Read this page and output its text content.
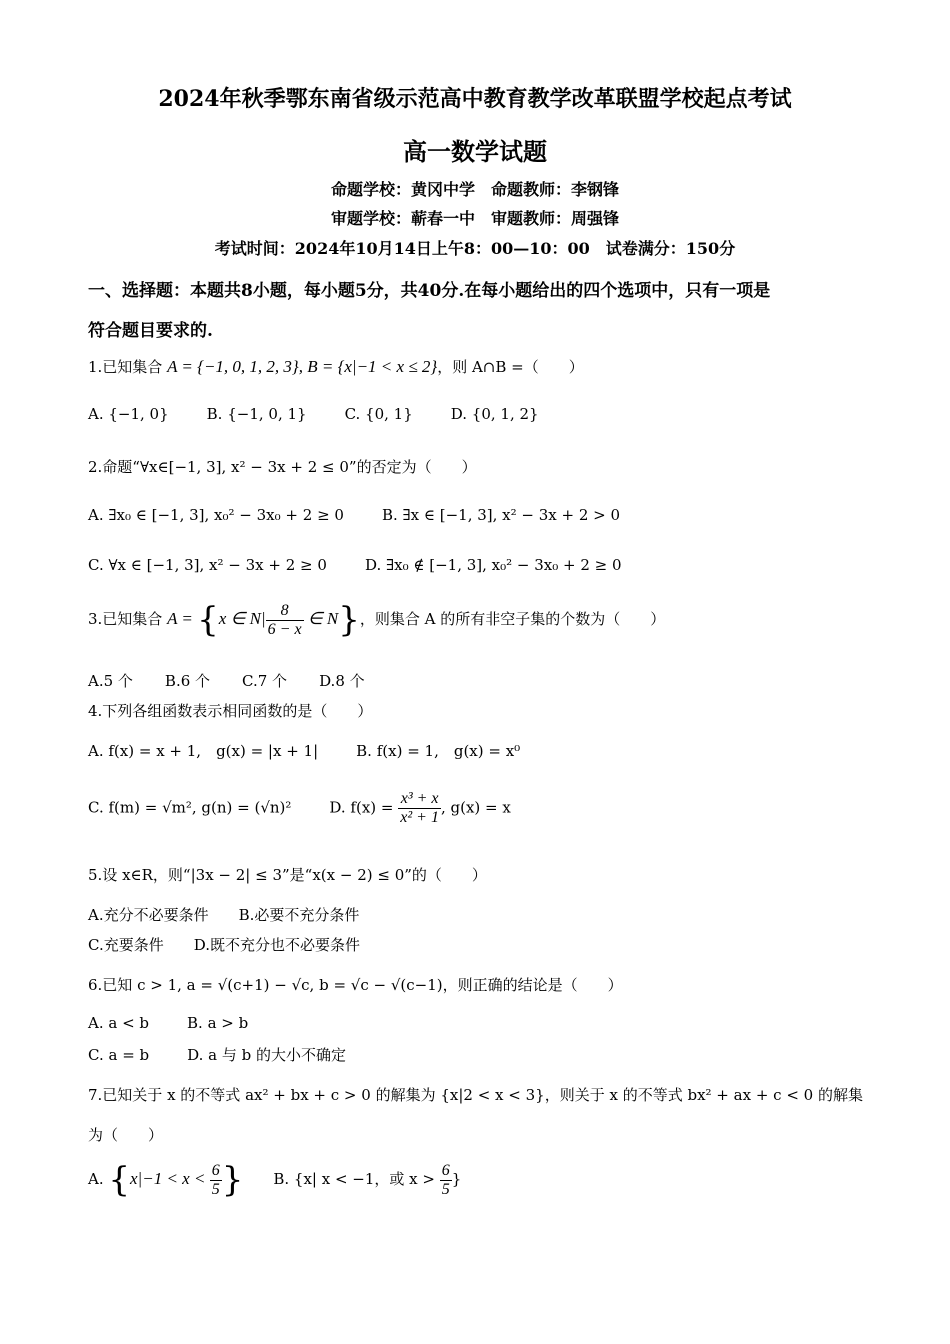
2024年秋季鄂东南省级示范高中教育教学改革联盟学校起点考试
高一数学试题
命题学校：黄冈中学　命题教师：李钢锋
审题学校：蕲春一中　审题教师：周强锋
考试时间：2024年10月14日上午8：00—10：00　试卷满分：150分
一、选择题：本题共8小题，每小题5分，共40分.在每小题给出的四个选项中，只有一项是
符合题目要求的.
1.已知集合 A = {−1, 0, 1, 2, 3}, B = {x|−1 < x ≤ 2}，则 A∩B =（　　）
A. {−1, 0}	B. {−1, 0, 1}	C. {0, 1}	D. {0, 1, 2}
2.命题“∀x∈[−1, 3], x² − 3x + 2 ≤ 0”的否定为（　　）
A. ∃x₀ ∈ [−1, 3], x₀² − 3x₀ + 2 ≥ 0	B. ∃x ∈ [−1, 3], x² − 3x + 2 > 0
C. ∀x ∈ [−1, 3], x² − 3x + 2 ≥ 0	D. ∃x₀ ∉ [−1, 3], x₀² − 3x₀ + 2 ≥ 0
3.已知集合 A = {x ∈ $N| \frac{8}{6 - x}$ ∈ N}，则集合 A 的所有非空子集的个数为（　　）
A.5 个 B.6 个 C.7 个 D.8 个
4.下列各组函数表示相同函数的是（　　）
A. f(x) = x + 1,　g(x) = |x + 1|	B. f(x) = 1,　g(x) = x⁰
C. f(m) = √m², g(n) = (√n)²	D. $f(x) = \frac{\text{x³ + x}}{\text{x² + 1}}$ , g(x) = x
5.设 x∈R，则“|3x − 2| ≤ 3”是“x(x − 2) ≤ 0”的（　　）
A.充分不必要条件 B.必要不充分条件
C.充要条件 D.既不充分也不必要条件
6.已知 c > 1, a = √(c+1) − √c, b = √c − √(c−1)，则正确的结论是（　　）
A. a < b	B. a > b
C. a = b	D. a 与 b 的大小不确定
7.已知关于 x 的不等式 ax² + bx + c > 0 的解集为 {x|2 < x < 3}，则关于 x 的不等式 bx² + ax + c < 0 的解集
为（　　）
A. {$x|-1 < x < \frac{6}{5}$ } B. {x| x < −1，或 $x > \frac{6}{5}$ }
